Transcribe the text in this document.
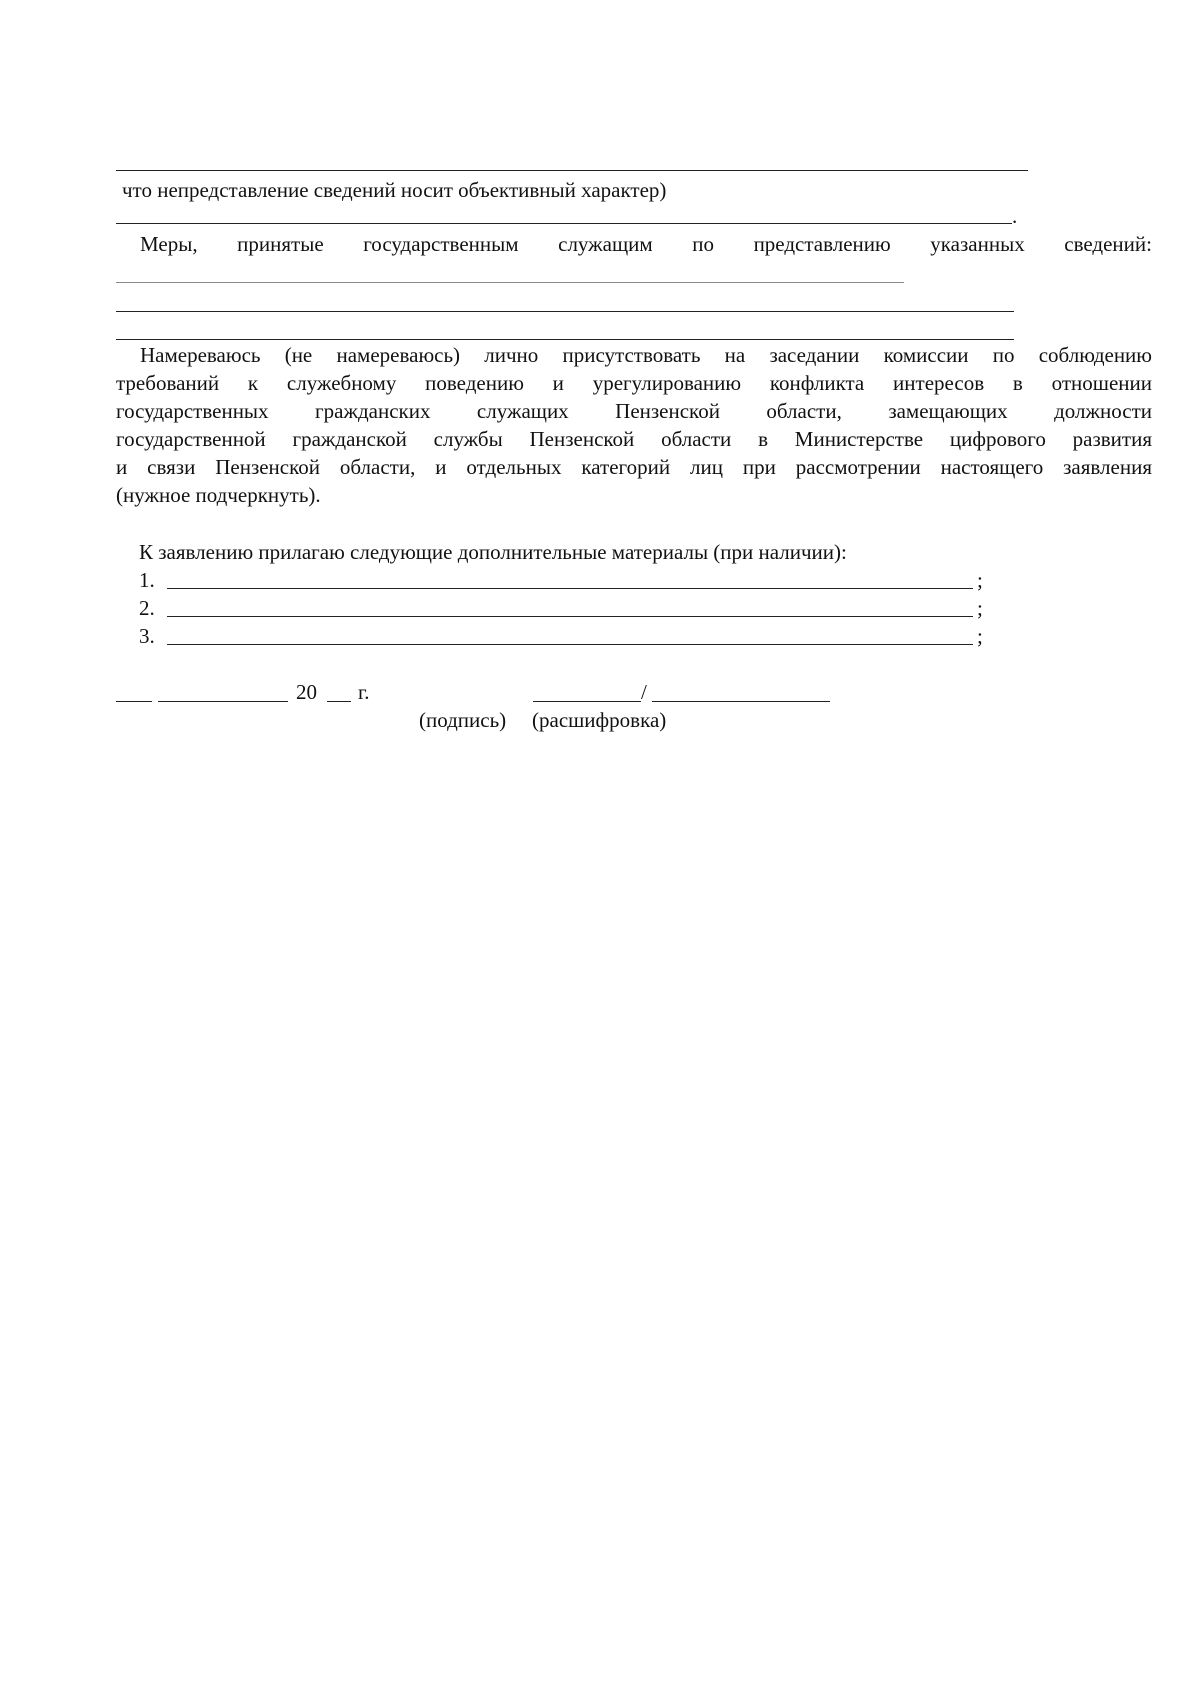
что непредставление сведений носит объективный характер)
.
Меры, принятые государственным служащим по представлению указанных сведений:
Намереваюсь (не намереваюсь) лично присутствовать на заседании комиссии по соблюдению
требований к служебному поведению и урегулированию конфликта интересов в отношении
государственных гражданских служащих Пензенской области, замещающих должности
государственной гражданской службы Пензенской области в Министерстве цифрового развития
и связи Пензенской области, и отдельных категорий лиц при рассмотрении настоящего заявления
(нужное подчеркнуть).
К заявлению прилагаю следующие дополнительные материалы (при наличии):
1.	;
2.	;
3.	;
20 г.	/
(подпись) (расшифровка)
